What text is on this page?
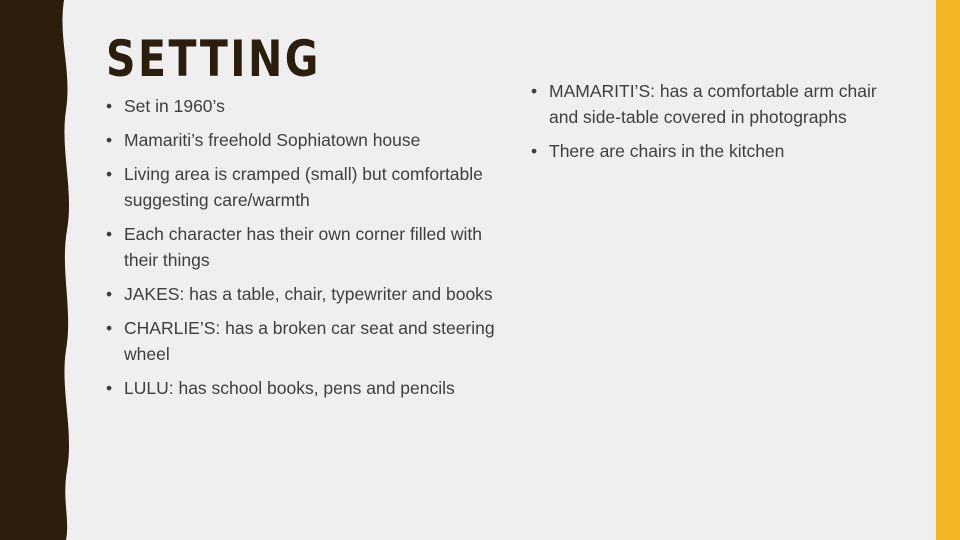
SETTING
• Set in 1960’s
• Mamariti’s freehold Sophiatown house
• Living area is cramped (small) but comfortable suggesting care/warmth
• Each character has their own corner filled with their things
• JAKES: has a table, chair, typewriter and books
• CHARLIE’S: has a broken car seat and steering wheel
• LULU: has school books, pens and pencils
• MAMARITI’S: has a comfortable arm chair and side-table covered in photographs
• There are chairs in the kitchen
